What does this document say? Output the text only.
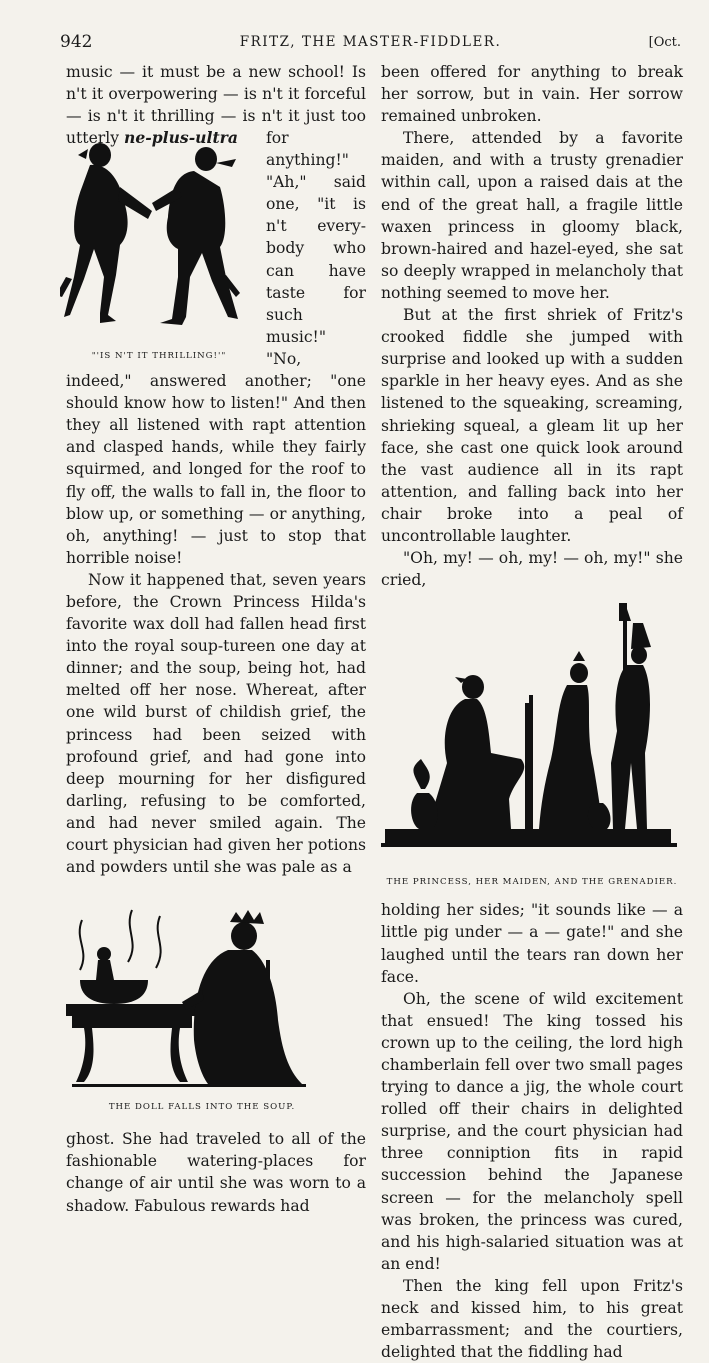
942	FRITZ, THE MASTER-FIDDLER.	[Oct.
music — it must be a new school! Is n't it overpowering — is n't it forceful — is n't it thrilling — is n't it just too utterly ne-plus-ultra
"'IS N'T IT THRILLING!'"

for anything!" "Ah," said one, "it is n't every-body who can have taste for such music!" "No, indeed," answered another; "one should know how to listen!" And then they all listened with rapt attention and clasped hands, while they fairly squirmed, and longed for the roof to fly off, the walls to fall in, the floor to blow up, or something — or anything, oh, anything! — just to stop that horrible noise!

Now it happened that, seven years before, the Crown Princess Hilda's favorite wax doll had fallen head first into the royal soup-tureen one day at dinner; and the soup, being hot, had melted off her nose. Whereat, after one wild burst of childish grief, the princess had been seized with profound grief, and had gone into deep mourning for her disfigured darling, refusing to be comforted, and had never smiled again. The court physician had given her potions and powders until she was pale as a

THE DOLL FALLS INTO THE SOUP.

ghost. She had traveled to all of the fashionable watering-places for change of air until she was worn to a shadow. Fabulous rewards had

been offered for anything to break her sorrow, but in vain. Her sorrow remained unbroken.

There, attended by a favorite maiden, and with a trusty grenadier within call, upon a raised dais at the end of the great hall, a fragile little waxen princess in gloomy black, brown-haired and hazel-eyed, she sat so deeply wrapped in melancholy that nothing seemed to move her.

But at the first shriek of Fritz's crooked fiddle she jumped with surprise and looked up with a sudden sparkle in her heavy eyes. And as she listened to the squeaking, screaming, shrieking squeal, a gleam lit up her face, she cast one quick look around the vast audience all in its rapt attention, and falling back into her chair broke into a peal of uncontrollable laughter.

"Oh, my! — oh, my! — oh, my!" she cried,

THE PRINCESS, HER MAIDEN, AND THE GRENADIER.

holding her sides; "it sounds like — a little pig under — a — gate!" and she laughed until the tears ran down her face.

Oh, the scene of wild excitement that ensued! The king tossed his crown up to the ceiling, the lord high chamberlain fell over two small pages trying to dance a jig, the whole court rolled off their chairs in delighted surprise, and the court physician had three conniption fits in rapid succession behind the Japanese screen — for the melancholy spell was broken, the princess was cured, and his high-salaried situation was at an end!

Then the king fell upon Fritz's neck and kissed him, to his great embarrassment; and the courtiers, delighted that the fiddling had
